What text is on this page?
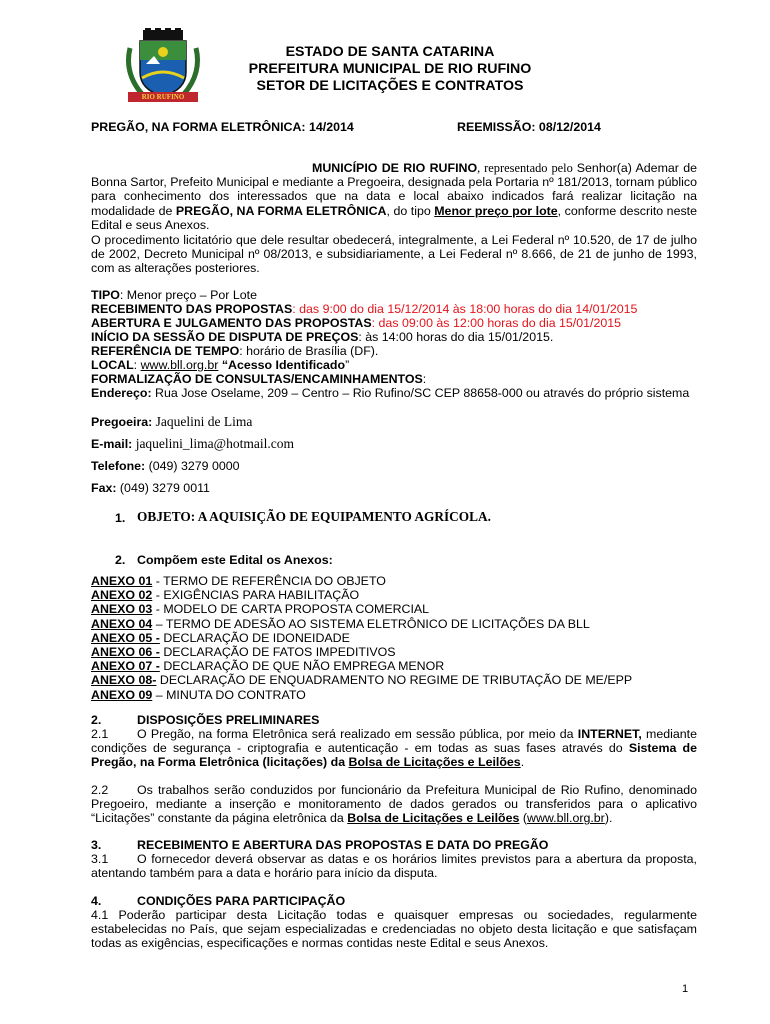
RIO RUFINO
ESTADO DE SANTA CATARINA
PREFEITURA MUNICIPAL DE RIO RUFINO
SETOR DE LICITAÇÕES E CONTRATOS
PREGÃO, NA FORMA ELETRÔNICA: 14/2014	REEMISSÃO: 08/12/2014
MUNICÍPIO DE RIO RUFINO, representado pelo Senhor(a) Ademar de Bonna Sartor, Prefeito Municipal e mediante a Pregoeira, designada pela Portaria nº 181/2013, tornam público para conhecimento dos interessados que na data e local abaixo indicados fará realizar licitação na modalidade de PREGÃO, NA FORMA ELETRÔNICA, do tipo Menor preço por lote, conforme descrito neste Edital e seus Anexos.
O procedimento licitatório que dele resultar obedecerá, integralmente, a Lei Federal nº 10.520, de 17 de julho de 2002, Decreto Municipal nº 08/2013, e subsidiariamente, a Lei Federal nº 8.666, de 21 de junho de 1993, com as alterações posteriores.
TIPO: Menor preço – Por Lote
RECEBIMENTO DAS PROPOSTAS: das 9:00 do dia 15/12/2014 às 18:00 horas do dia 14/01/2015
ABERTURA E JULGAMENTO DAS PROPOSTAS: das 09:00 às 12:00 horas do dia 15/01/2015
INÍCIO DA SESSÃO DE DISPUTA DE PREÇOS: às 14:00 horas do dia 15/01/2015.
REFERÊNCIA DE TEMPO: horário de Brasília (DF).
LOCAL: www.bll.org.br “Acesso Identificado”
FORMALIZAÇÃO DE CONSULTAS/ENCAMINHAMENTOS:
Endereço: Rua Jose Oselame, 209 – Centro – Rio Rufino/SC CEP 88658-000 ou através do próprio sistema
Pregoeira: Jaquelini de Lima
E-mail: jaquelini_lima@hotmail.com
Telefone: (049) 3279 0000
Fax: (049) 3279 0011
1. OBJETO: A AQUISIÇÃO DE EQUIPAMENTO AGRÍCOLA.
2. Compõem este Edital os Anexos:
ANEXO 01 - TERMO DE REFERÊNCIA DO OBJETO
ANEXO 02 - EXIGÊNCIAS PARA HABILITAÇÃO
ANEXO 03 - MODELO DE CARTA PROPOSTA COMERCIAL
ANEXO 04 – TERMO DE ADESÃO AO SISTEMA ELETRÔNICO DE LICITAÇÕES DA BLL
ANEXO 05 - DECLARAÇÃO DE IDONEIDADE
ANEXO 06 - DECLARAÇÃO DE FATOS IMPEDITIVOS
ANEXO 07 - DECLARAÇÃO DE QUE NÃO EMPREGA MENOR
ANEXO 08- DECLARAÇÃO DE ENQUADRAMENTO NO REGIME DE TRIBUTAÇÃO DE ME/EPP
ANEXO 09 – MINUTA DO CONTRATO
2.	DISPOSIÇÕES PRELIMINARES
2.1 O Pregão, na forma Eletrônica será realizado em sessão pública, por meio da INTERNET, mediante condições de segurança - criptografia e autenticação - em todas as suas fases através do Sistema de Pregão, na Forma Eletrônica (licitações) da Bolsa de Licitações e Leilões.
2.2 Os trabalhos serão conduzidos por funcionário da Prefeitura Municipal de Rio Rufino, denominado Pregoeiro, mediante a inserção e monitoramento de dados gerados ou transferidos para o aplicativo “Licitações” constante da página eletrônica da Bolsa de Licitações e Leilões (www.bll.org.br).
3.	RECEBIMENTO E ABERTURA DAS PROPOSTAS E DATA DO PREGÃO
3.1 O fornecedor deverá observar as datas e os horários limites previstos para a abertura da proposta, atentando também para a data e horário para início da disputa.
4.	CONDIÇÕES PARA PARTICIPAÇÃO
4.1 Poderão participar desta Licitação todas e quaisquer empresas ou sociedades, regularmente estabelecidas no País, que sejam especializadas e credenciadas no objeto desta licitação e que satisfaçam todas as exigências, especificações e normas contidas neste Edital e seus Anexos.
1
